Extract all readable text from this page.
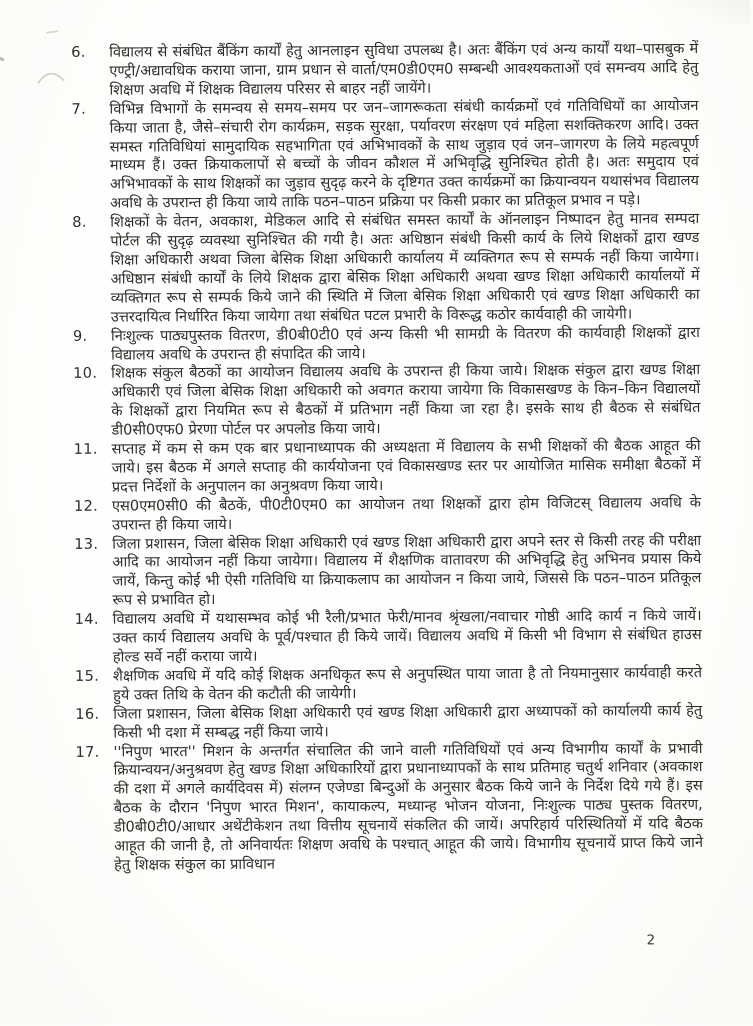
6.	विद्यालय से संबंधित बैंकिंग कार्यों हेतु आनलाइन सुविधा उपलब्ध है। अतः बैंकिंग एवं अन्य कार्यों यथा–पासबुक में एण्ट्री/अद्यावधिक कराया जाना, ग्राम प्रधान से वार्ता/एम0डी0एम0 सम्बन्धी आवश्यकताओं एवं समन्वय आदि हेतु शिक्षण अवधि में शिक्षक विद्यालय परिसर से बाहर नहीं जायेंगे।
7.	विभिन्न विभागों के समन्वय से समय–समय पर जन–जागरूकता संबंधी कार्यक्रमों एवं गतिविधियों का आयोजन किया जाता है, जैसे–संचारी रोग कार्यक्रम, सड़क सुरक्षा, पर्यावरण संरक्षण एवं महिला सशक्तिकरण आदि। उक्त समस्त गतिविधियां सामुदायिक सहभागिता एवं अभिभावकों के साथ जुड़ाव एवं जन–जागरण के लिये महत्वपूर्ण माध्यम हैं। उक्त क्रियाकलापों से बच्चों के जीवन कौशल में अभिवृद्धि सुनिश्चित होती है। अतः समुदाय एवं अभिभावकों के साथ शिक्षकों का जुड़ाव सुदृढ़ करने के दृष्टिगत उक्त कार्यक्रमों का क्रियान्वयन यथासंभव विद्यालय अवधि के उपरान्त ही किया जाये ताकि पठन–पाठन प्रक्रिया पर किसी प्रकार का प्रतिकूल प्रभाव न पड़े।
8.	शिक्षकों के वेतन, अवकाश, मेडिकल आदि से संबंधित समस्त कार्यों के ऑनलाइन निष्पादन हेतु मानव सम्पदा पोर्टल की सुदृढ़ व्यवस्था सुनिश्चित की गयी है। अतः अधिष्ठान संबंधी किसी कार्य के लिये शिक्षकों द्वारा खण्ड शिक्षा अधिकारी अथवा जिला बेसिक शिक्षा अधिकारी कार्यालय में व्यक्तिगत रूप से सम्पर्क नहीं किया जायेगा। अधिष्ठान संबंधी कार्यों के लिये शिक्षक द्वारा बेसिक शिक्षा अधिकारी अथवा खण्ड शिक्षा अधिकारी कार्यालयों में व्यक्तिगत रूप से सम्पर्क किये जाने की स्थिति में जिला बेसिक शिक्षा अधिकारी एवं खण्ड शिक्षा अधिकारी का उत्तरदायित्व निर्धारित किया जायेगा तथा संबंधित पटल प्रभारी के विरूद्ध कठोर कार्यवाही की जायेगी।
9.	निःशुल्क पाठ्यपुस्तक वितरण, डी0बी0टी0 एवं अन्य किसी भी सामग्री के वितरण की कार्यवाही शिक्षकों द्वारा विद्यालय अवधि के उपरान्त ही संपादित की जाये।
10. शिक्षक संकुल बैठकों का आयोजन विद्यालय अवधि के उपरान्त ही किया जाये। शिक्षक संकुल द्वारा खण्ड शिक्षा अधिकारी एवं जिला बेसिक शिक्षा अधिकारी को अवगत कराया जायेगा कि विकासखण्ड के किन–किन विद्यालयों के शिक्षकों द्वारा नियमित रूप से बैठकों में प्रतिभाग नहीं किया जा रहा है। इसके साथ ही बैठक से संबंधित डी0सी0एफ0 प्रेरणा पोर्टल पर अपलोड किया जाये।
11. सप्ताह में कम से कम एक बार प्रधानाध्यापक की अध्यक्षता में विद्यालय के सभी शिक्षकों की बैठक आहूत की जाये। इस बैठक में अगले सप्ताह की कार्ययोजना एवं विकासखण्ड स्तर पर आयोजित मासिक समीक्षा बैठकों में प्रदत्त निर्देशों के अनुपालन का अनुश्रवण किया जाये।
12. एस0एम0सी0 की बैठकें, पी0टी0एम0 का आयोजन तथा शिक्षकों द्वारा होम विजिटस् विद्यालय अवधि के उपरान्त ही किया जाये।
13. जिला प्रशासन, जिला बेसिक शिक्षा अधिकारी एवं खण्ड शिक्षा अधिकारी द्वारा अपने स्तर से किसी तरह की परीक्षा आदि का आयोजन नहीं किया जायेगा। विद्यालय में शैक्षणिक वातावरण की अभिवृद्धि हेतु अभिनव प्रयास किये जायें, किन्तु कोई भी ऐसी गतिविधि या क्रियाकलाप का आयोजन न किया जाये, जिससे कि पठन–पाठन प्रतिकूल रूप से प्रभावित हो।
14. विद्यालय अवधि में यथासम्भव कोई भी रैली/प्रभात फेरी/मानव श्रृंखला/नवाचार गोष्ठी आदि कार्य न किये जायें। उक्त कार्य विद्यालय अवधि के पूर्व/पश्चात ही किये जायें। विद्यालय अवधि में किसी भी विभाग से संबंधित हाउस होल्ड सर्वे नहीं कराया जाये।
15. शैक्षणिक अवधि में यदि कोई शिक्षक अनधिकृत रूप से अनुपस्थित पाया जाता है तो नियमानुसार कार्यवाही करते हुये उक्त तिथि के वेतन की कटौती की जायेगी।
16. जिला प्रशासन, जिला बेसिक शिक्षा अधिकारी एवं खण्ड शिक्षा अधिकारी द्वारा अध्यापकों को कार्यालयी कार्य हेतु किसी भी दशा में सम्बद्ध नहीं किया जाये।
17. ''निपुण भारत'' मिशन के अन्तर्गत संचालित की जाने वाली गतिविधियों एवं अन्य विभागीय कार्यों के प्रभावी क्रियान्वयन/अनुश्रवण हेतु खण्ड शिक्षा अधिकारियों द्वारा प्रधानाध्यापकों के साथ प्रतिमाह चतुर्थ शनिवार (अवकाश की दशा में अगले कार्यदिवस में) संलग्न एजेण्डा बिन्दुओं के अनुसार बैठक किये जाने के निर्देश दिये गये हैं। इस बैठक के दौरान 'निपुण भारत मिशन', कायाकल्प, मध्यान्ह भोजन योजना, निःशुल्क पाठ्य पुस्तक वितरण, डी0बी0टी0/आधार अथेंटीकेशन तथा वित्तीय सूचनायें संकलित की जायें। अपरिहार्य परिस्थितियों में यदि बैठक आहूत की जानी है, तो अनिवार्यतः शिक्षण अवधि के पश्चात् आहूत की जाये। विभागीय सूचनायें प्राप्त किये जाने हेतु शिक्षक संकुल का प्राविधान
2
